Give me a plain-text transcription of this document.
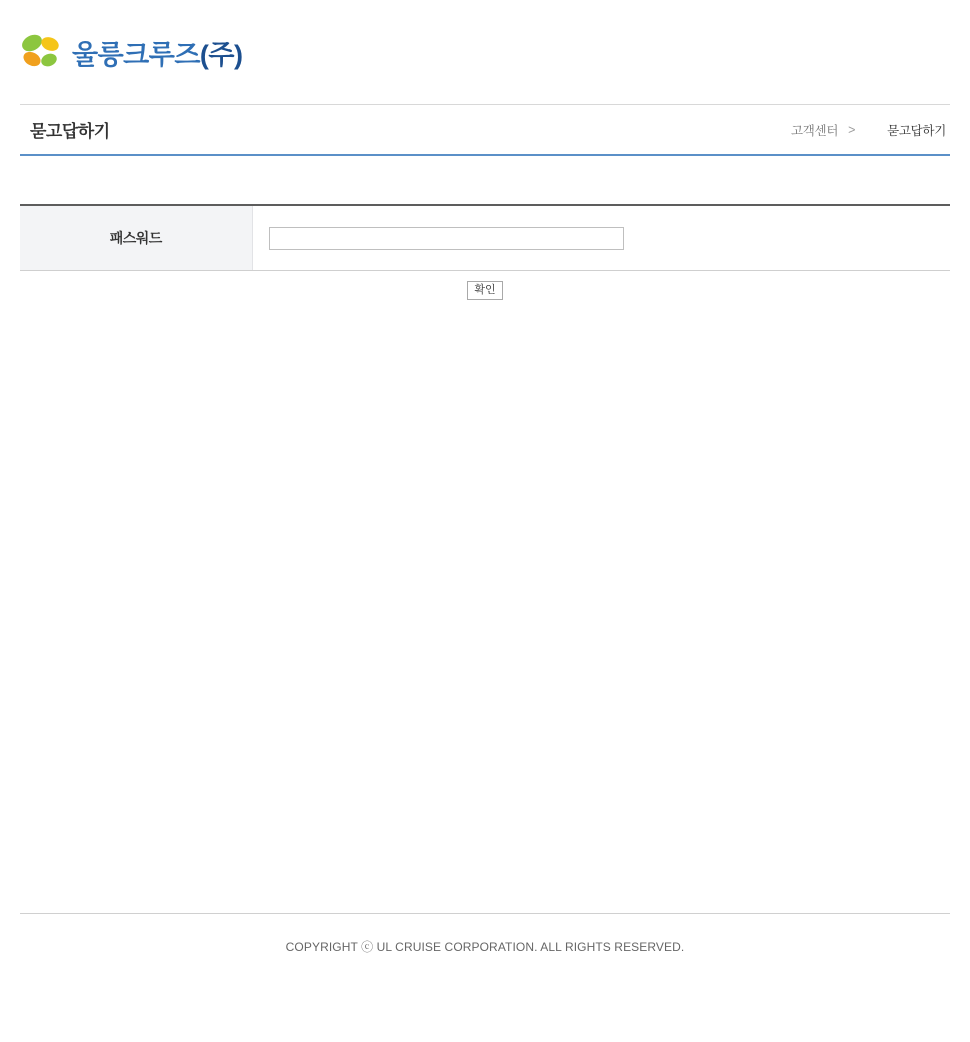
울릉크루즈(주)
묻고답하기	고객센터 >	묻고답하기
패스워드	
확인
COPYRIGHT ⓒ UL CRUISE CORPORATION. ALL RIGHTS RESERVED.
